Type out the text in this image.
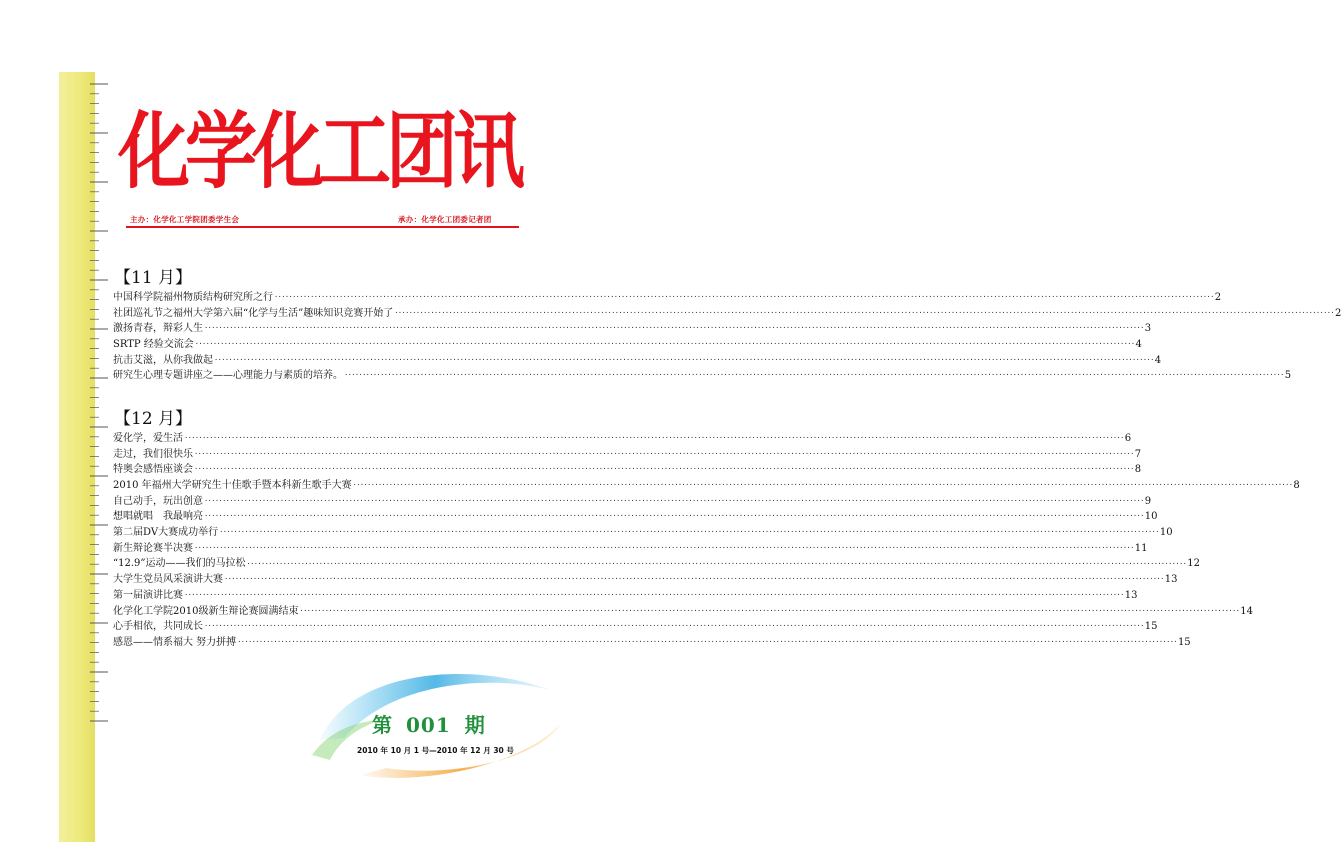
化学化工团讯
主办：化学化工学院团委学生会	承办：化学化工团委记者团
【11 月】
中国科学院福州物质结构研究所之行 ···································································································································································································································································· 2
社团巡礼节之福州大学第六届“化学与生活”趣味知识竞赛开始了 ···································································································································································································································································· 2
激扬青春，辩彩人生 ···································································································································································································································································· 3
SRTP 经验交流会 ···································································································································································································································································· 4
抗击艾滋，从你我做起 ···································································································································································································································································· 4
研究生心理专题讲座之——心理能力与素质的培养。 ···································································································································································································································································· 5
【12 月】
爱化学，爱生活 ···································································································································································································································································· 6
走过，我们很快乐 ···································································································································································································································································· 7
特奥会感悟座谈会 ···································································································································································································································································· 8
2010 年福州大学研究生十佳歌手暨本科新生歌手大赛 ···································································································································································································································································· 8
自己动手，玩出创意 ···································································································································································································································································· 9
想唱就唱　我最响亮 ···································································································································································································································································· 10
第二届DV大赛成功举行 ···································································································································································································································································· 10
新生辩论赛半决赛 ···································································································································································································································································· 11
“12.9”运动——我们的马拉松 ···································································································································································································································································· 12
大学生党员风采演讲大赛 ···································································································································································································································································· 13
第一届演讲比赛 ···································································································································································································································································· 13
化学化工学院2010级新生辩论赛圆满结束 ···································································································································································································································································· 14
心手相依，共同成长 ···································································································································································································································································· 15
感恩——情系福大 努力拼搏 ···································································································································································································································································· 15
第 001 期
2010 年 10 月 1 号—2010 年 12 月 30 号
